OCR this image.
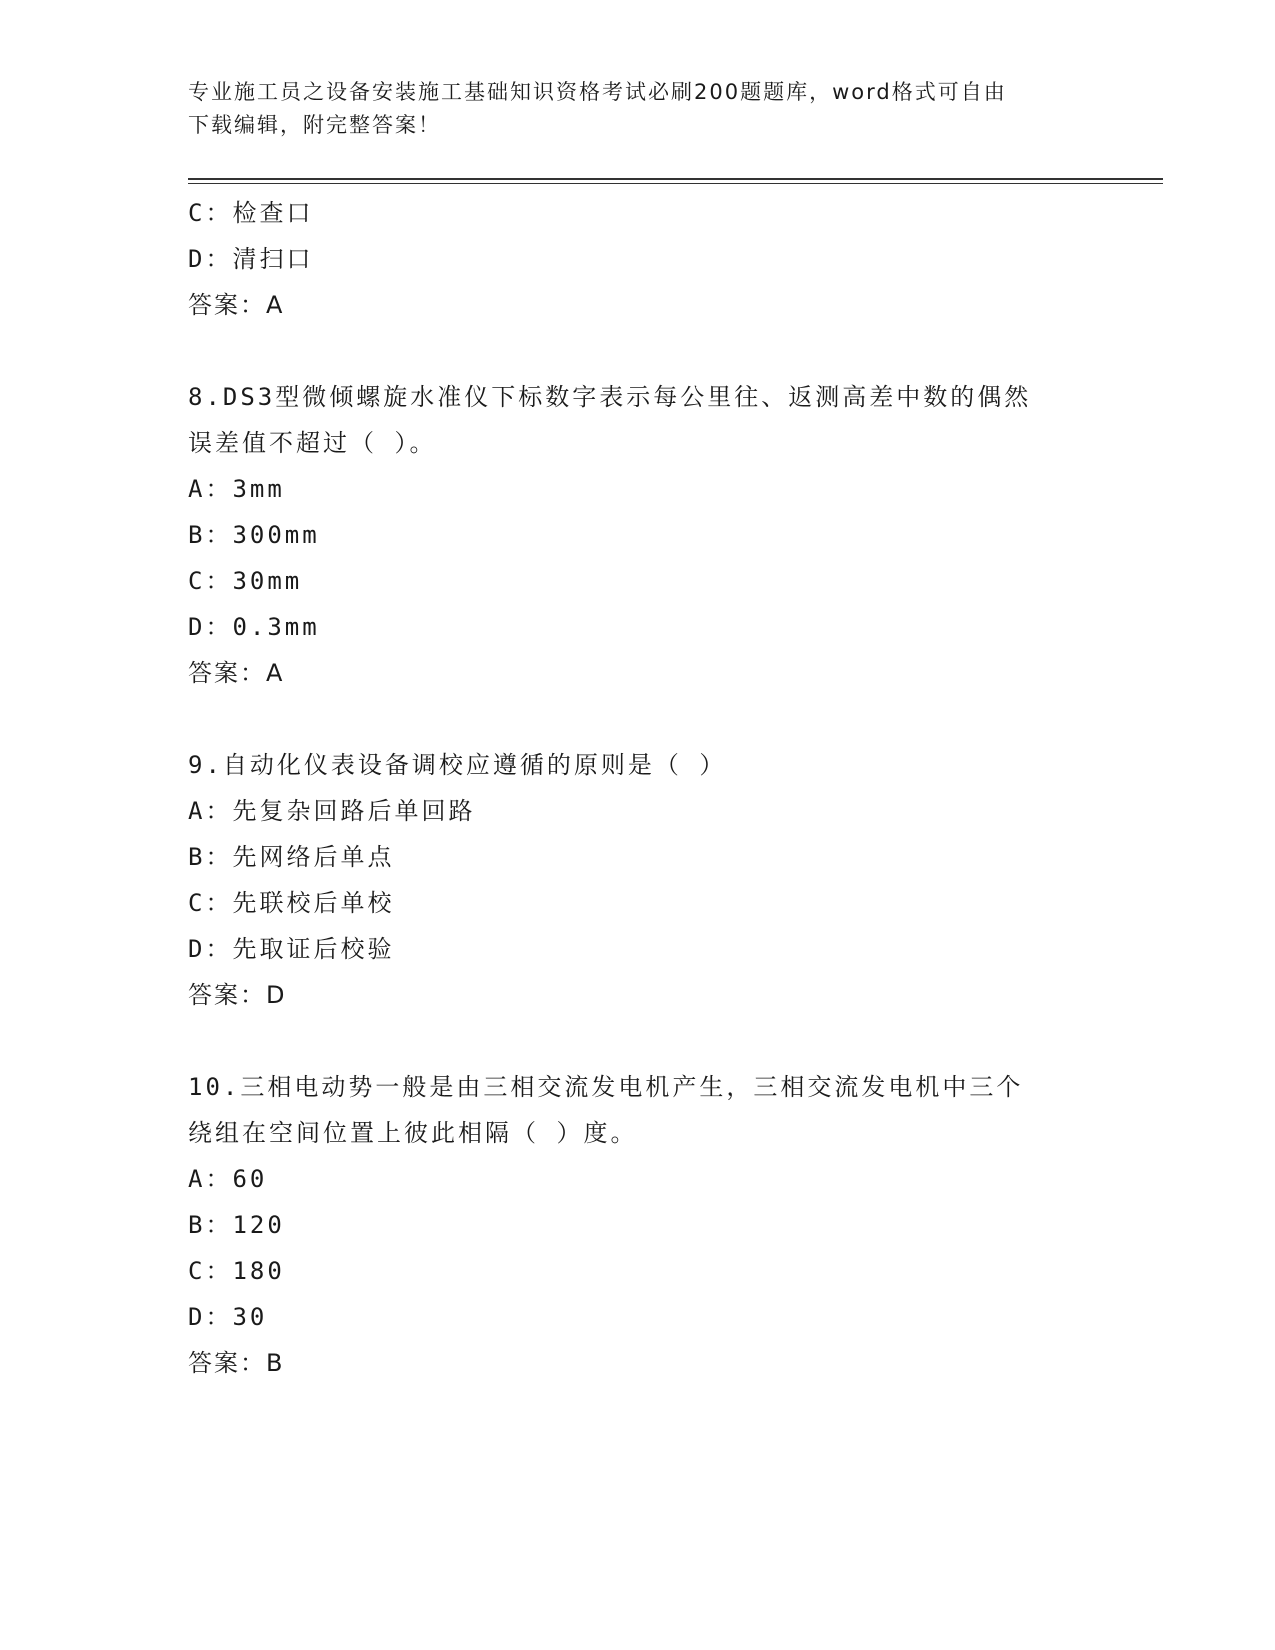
专业施工员之设备安装施工基础知识资格考试必刷200题题库，word格式可自由
下载编辑，附完整答案！
C：检查口
D：清扫口
答案：A
8.DS3型微倾螺旋水准仪下标数字表示每公里往、返测高差中数的偶然
误差值不超过（ ）。
A：3mm
B：300mm
C：30mm
D：0.3mm
答案：A
9.自动化仪表设备调校应遵循的原则是（ ）
A：先复杂回路后单回路
B：先网络后单点
C：先联校后单校
D：先取证后校验
答案：D
10.三相电动势一般是由三相交流发电机产生，三相交流发电机中三个
绕组在空间位置上彼此相隔（ ）度。
A：60
B：120
C：180
D：30
答案：B
